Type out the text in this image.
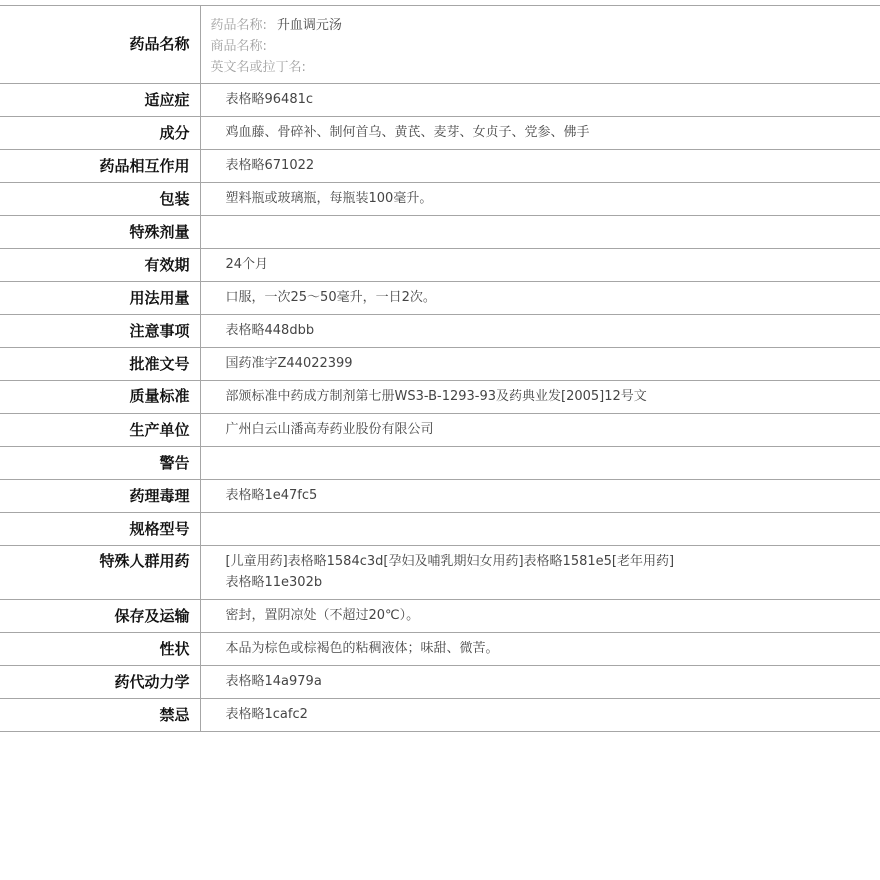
药品名称	药品名称: 升血调元汤
商品名称:
英文名或拉丁名:

适应症	表格略96481c
成分	鸡血藤、骨碎补、制何首乌、黄芪、麦芽、女贞子、党参、佛手
药品相互作用	表格略671022
包装	塑料瓶或玻璃瓶，每瓶装100毫升。
特殊剂量	
有效期	24个月
用法用量	口服，一次25～50毫升，一日2次。
注意事项	表格略448dbb
批准文号	国药准字Z44022399
质量标准	部颁标准中药成方制剂第七册WS3-B-1293-93及药典业发[2005]12号文
生产单位	广州白云山潘高寿药业股份有限公司
警告	
药理毒理	表格略1e47fc5
规格型号	
特殊人群用药	[儿童用药]表格略1584c3d[孕妇及哺乳期妇女用药]表格略1581e5[老年用药]表格略11e302b
保存及运输	密封，置阴凉处（不超过20℃）。
性状	本品为棕色或棕褐色的粘稠液体；味甜、微苦。
药代动力学	表格略14a979a
禁忌	表格略1cafc2
